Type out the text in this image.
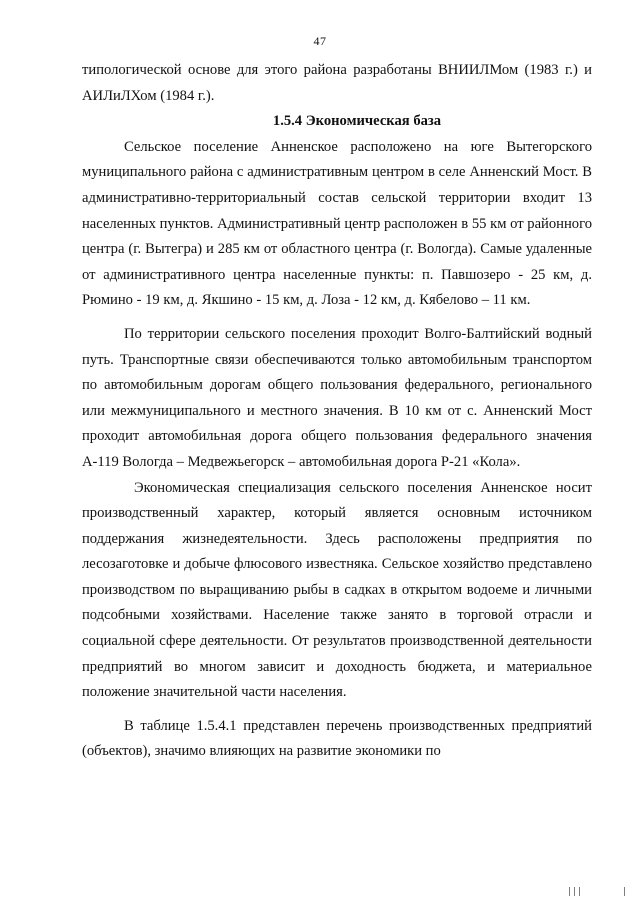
47

типологической основе для этого района разработаны ВНИИЛМом (1983 г.) и АИЛиЛХом (1984 г.).

1.5.4 Экономическая база

Сельское поселение Анненское расположено на юге Вытегорского муниципального района с административным центром в селе Анненский Мост. В административно-территориальный состав сельской территории входит 13 населенных пунктов. Административный центр расположен в 55 км от районного центра (г. Вытегра) и 285 км от областного центра (г. Вологда). Самые удаленные от административного центра населенные пункты: п. Павшозеро - 25 км, д. Рюмино - 19 км, д. Якшино - 15 км, д. Лоза - 12 км, д. Кябелово – 11 км.

По территории сельского поселения проходит Волго-Балтийский водный путь. Транспортные связи обеспечиваются только автомобильным транспортом по автомобильным дорогам общего пользования федерального, регионального или межмуниципального и местного значения. В 10 км от с. Анненский Мост проходит автомобильная дорога общего пользования федерального значения А-119 Вологда – Медвежьегорск – автомобильная дорога Р-21 «Кола».

Экономическая специализация сельского поселения Анненское носит производственный характер, который является основным источником поддержания жизнедеятельности. Здесь расположены предприятия по лесозаготовке и добыче флюсового известняка. Сельское хозяйство представлено производством по выращиванию рыбы в садках в открытом водоеме и личными подсобными хозяйствами. Население также занято в торговой отрасли и социальной сфере деятельности. От результатов производственной деятельности предприятий во многом зависит и доходность бюджета, и материальное положение значительной части населения.

В таблице 1.5.4.1 представлен перечень производственных предприятий (объектов), значимо влияющих на развитие экономики по

|||	|
